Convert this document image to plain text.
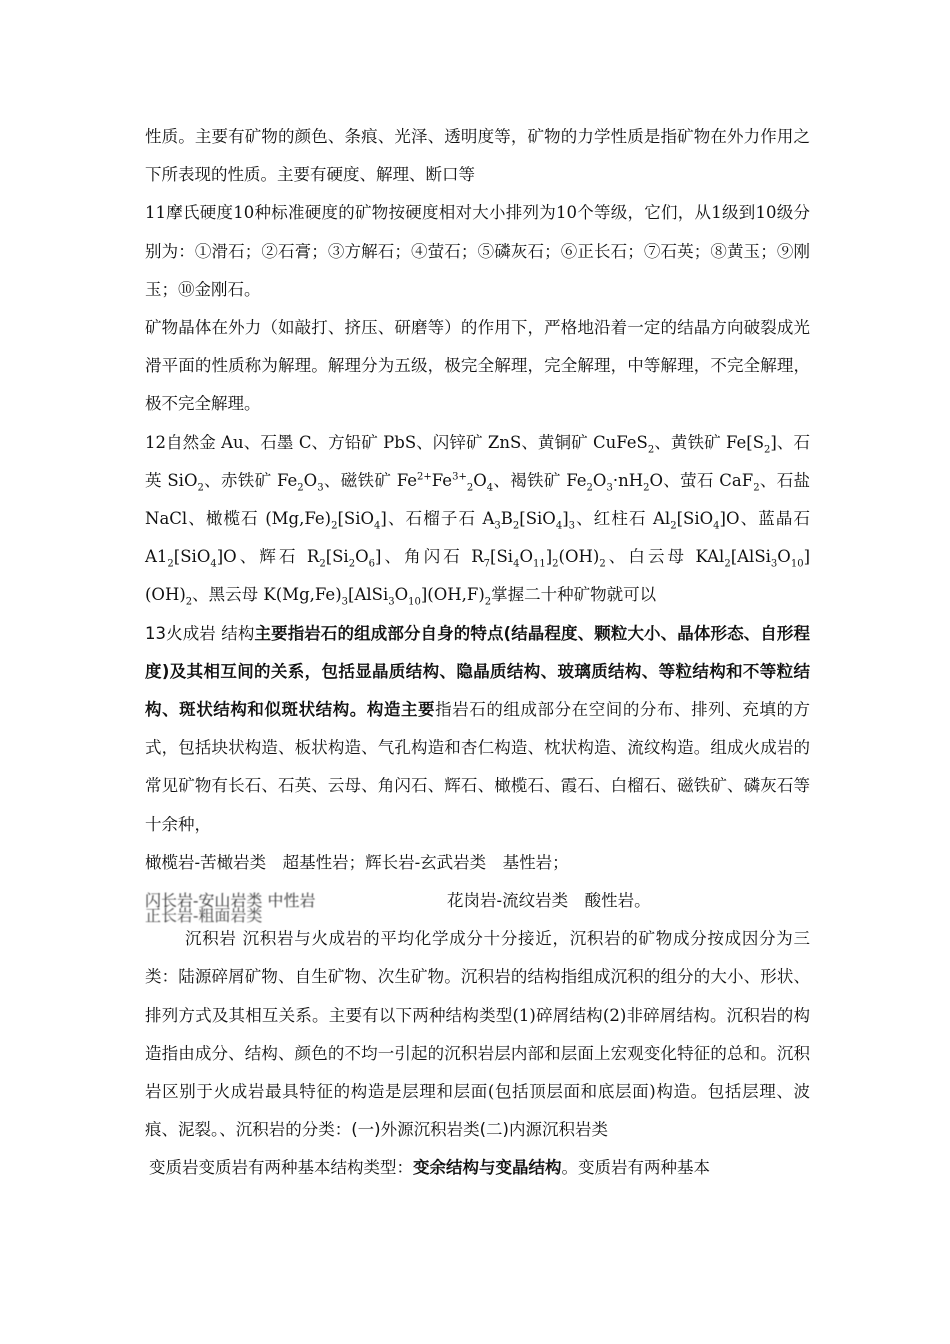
性质。主要有矿物的颜色、条痕、光泽、透明度等，矿物的力学性质是指矿物在外力作用之下所表现的性质。主要有硬度、解理、断口等

11摩氏硬度10种标准硬度的矿物按硬度相对大小排列为10个等级，它们，从1级到10级分别为：①滑石；②石膏；③方解石；④萤石；⑤磷灰石；⑥正长石；⑦石英；⑧黄玉；⑨刚玉；⑩金刚石。

矿物晶体在外力（如敲打、挤压、研磨等）的作用下，严格地沿着一定的结晶方向破裂成光滑平面的性质称为解理。解理分为五级，极完全解理，完全解理，中等解理，不完全解理，极不完全解理。

12自然金 Au、石墨 C、方铅矿 PbS、闪锌矿 ZnS、黄铜矿 CuFeS$_2$、黄铁矿 $Fe[S_2]$、石英 SiO$_2$、赤铁矿 $Fe_2O_3$、磁铁矿 $Fe^{2+}Fe^{3+}_2O_4$、褐铁矿 $Fe_2O_3\cdot nH_2O$、萤石 CaF$_2$、石盐 NaCl、橄榄石 $(Mg,Fe)_2[SiO_4]$、石榴子石 $A_3B_2[SiO_4]_3$、红柱石 $Al_2[SiO_4]O$、蓝晶石 $A1_2[SiO_4]O$、辉石 $R_2[Si_2O_6]$、角闪石 $R_7[Si_4O_{11}]_2(OH)_2$、白云母 $KAl_2[AlSi_3O_{10}](OH)_2$、黑云母 $K(Mg,Fe)_3[AlSi_3O_{10}](OH,F)_2$掌握二十种矿物就可以

13火成岩 结构主要指岩石的组成部分自身的特点(结晶程度、颗粒大小、晶体形态、自形程度)及其相互间的关系，包括显晶质结构、隐晶质结构、玻璃质结构、等粒结构和不等粒结构、斑状结构和似斑状结构。构造主要指岩石的组成部分在空间的分布、排列、充填的方式，包括块状构造、板状构造、气孔构造和杏仁构造、枕状构造、流纹构造。组成火成岩的常见矿物有长石、石英、云母、角闪石、辉石、橄榄石、霞石、白榴石、磁铁矿、磷灰石等十余种，

橄榄岩-苦橄岩类　超基性岩；辉长岩-玄武岩类　基性岩；

闪长岩-安山岩类 中性岩
正长岩-粗面岩类
花岗岩-流纹岩类　酸性岩。

沉积岩 沉积岩与火成岩的平均化学成分十分接近，沉积岩的矿物成分按成因分为三类：陆源碎屑矿物、自生矿物、次生矿物。沉积岩的结构指组成沉积的组分的大小、形状、排列方式及其相互关系。主要有以下两种结构类型(1)碎屑结构(2)非碎屑结构。沉积岩的构造指由成分、结构、颜色的不均一引起的沉积岩层内部和层面上宏观变化特征的总和。沉积岩区别于火成岩最具特征的构造是层理和层面(包括顶层面和底层面)构造。包括层理、波痕、泥裂。、沉积岩的分类：(一)外源沉积岩类(二)内源沉积岩类

变质岩变质岩有两种基本结构类型：变余结构与变晶结构。变质岩有两种基本
